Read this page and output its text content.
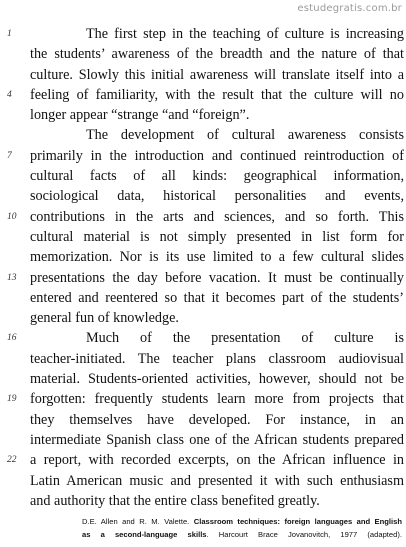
estudegratis.com.br
1	The first step in the teaching of culture is increasing
the students’ awareness of the breadth and the nature of that
culture. Slowly this initial awareness will translate itself into a
4	feeling of familiarity, with the result that the culture will no
longer appear “strange “and “foreign”.
The development of cultural awareness consists
7	primarily in the introduction and continued reintroduction of
cultural facts of all kinds: geographical information,
sociological data, historical personalities and events,
10 contributions in the arts and sciences, and so forth. This
cultural material is not simply presented in list form for
memorization. Nor is its use limited to a few cultural slides
13 presentations the day before vacation. It must be continually
entered and reentered so that it becomes part of the students’
general fun of knowledge.
16	Much of the presentation of culture is
teacher-initiated. The teacher plans classroom audiovisual
material. Students-oriented activities, however, should not be
19 forgotten: frequently students learn more from projects that
they themselves have developed. For instance, in an
intermediate Spanish class one of the African students prepared
22 a report, with recorded excerpts, on the African influence in
Latin American music and presented it with such enthusiasm
and authority that the entire class benefited greatly.
D.E. Allen and R. M. Valette. Classroom techniques: foreign languages and English
as a second-language skills. Harcourt Brace Jovanovitch, 1977 (adapted).
